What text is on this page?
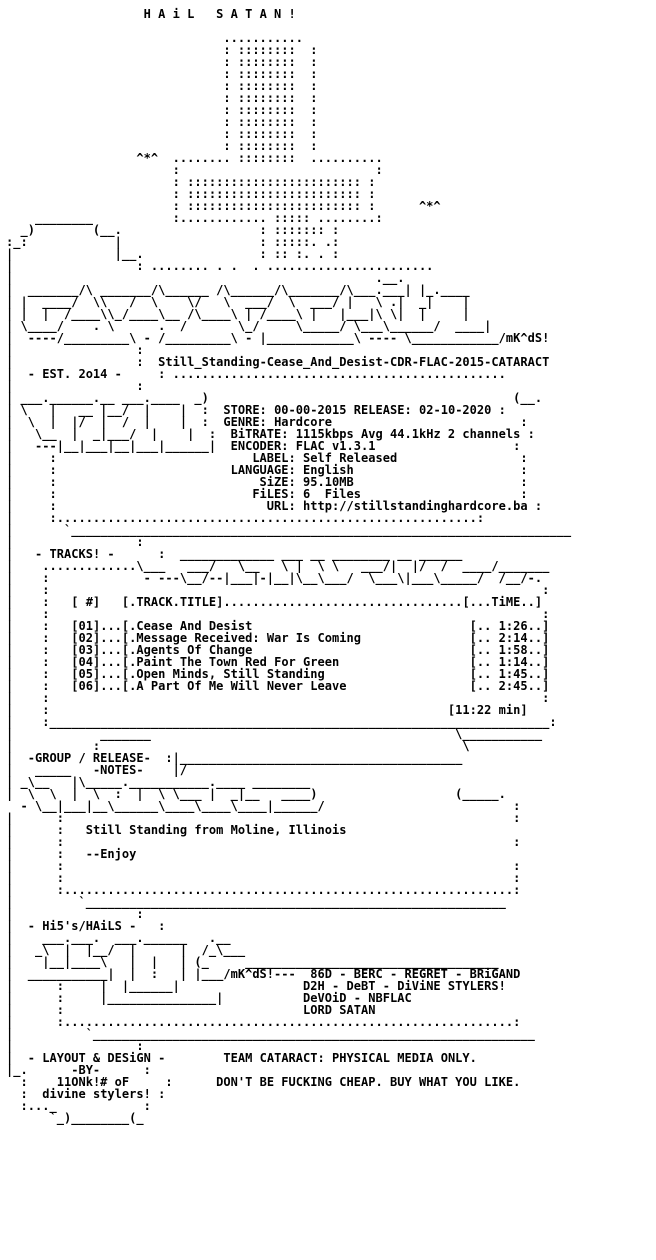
H A i L   S A T A N !

...........
: ::::::::  :
: ::::::::  :
: ::::::::  :
: ::::::::  :
: ::::::::  :
: ::::::::  :
: ::::::::  :
: ::::::::  :
: ::::::::  :
^*^  ........ ::::::::  ..........
:                           :
: :::::::::::::::::::::::: :
: :::::::::::::::::::::::: :
: :::::::::::::::::::::::: :      ^*^
________           :............ ::::: ........:
_)        (__.                   : ::::::: :
:_:            |                   : :::::. .:
|              |__.                : :: :. . :
|                 : ........ . .  . .......................
|                                                  .__.
|  _______/\ _______/\______ /\______/\_______/\___.___| |_.____
| |  ____/  \\   /  \    \/   \  ___/  \  ___/ |   \ .|  _|    |
| |  |  /____\\_/____\__ /\____\ | /____\ |   |___|\ \|  |     |
| \____/    . \      .  /       \_/     \_____/ \___\______/  ____|
|  ----/_________\ - /_________\ - |____________\ ---- \____________/mK^dS!
|                 :
|                 :  Still_Standing-Cease_And_Desist-CDR-FLAC-2015-CATARACT
|  - EST. 2o14 -	: ..............................................
|                 :
| ___.______.__ ___.____  _)                                          (__.
| \   |   __ |__/  |    |  :  STORE: 00-00-2015 RELEASE: 02-10-2020 :
|  \  |  |/  |  /  |    |  :  GENRE: Hardcore	:
|   \__  |  _|___/  |    |  :  BiTRATE: 1115kbps Avg 44.1kHz 2 channels :
|   ---|__|___|__|___|______|  ENCODER: FLAC v1.3.1	:
|     :                           LABEL: Self Released	:
|     :                        LANGUAGE: English	:
|     :                            SiZE: 95.10MB	:
|     :                           FiLES: 6  Files	:
|     :                             URL: http://stillstandinghardcore.ba :
|     :..........................................................:
|       `_____________________________________________________________________
|                 :
|   - TRACKS! -	:  _____________ ___ __ ________ __ ______
|    .............\___   ___/   \__   \ |  \ \   ___/|  |/  /  ____/_______
|    :             - ---\__/--|___|-|__|\__\___/  \___\|___\_____/  /__/-.
|    :                                                                    :
|    :   [ #] [.TRACK.TITLE].................................[...TiME..]
|    :                                                                    :
|    :   [01]...[.Cease And Desist                              [.. 1:26..]
|    :   [02]...[.Message Received: War Is Coming               [.. 2:14..]
|    :   [03]...[.Agents Of Change                              [.. 1:58..]
|    :   [04]...[.Paint The Town Red For Green                  [.. 1:14..]
|    :   [05]...[.Open Minds, Still Standing                    [.. 1:45..]
|    :   [06]...[.A Part Of Me Will Never Leave                 [.. 2:45..]
|    :                                                                    :
|    :	[11:22 min]
|    :_____________________________________________________________________:
|            _______                                          \___________
|           :                                                  \
|  -GROUP / RELEASE-  :|_______________________________________
|   _____   -NOTES-    |/
| _\__   |\_____.___________.____ ________
|  \  \  |  \  :  |  \ \___ |  _|__   ____)                   (_____.
- \__|___|__\______\____\____\____|______/                          :
|      :                                                              :
|      :   Still Standing from Moline, Illinois
|      :                                                              :
|      :   --Enjoy
|      :                                                              :
|      :                                                              :
|      :..............................................................:
|         `__________________________________________________________
|                 :
|  - Hi5's/HAiLS -   :
|    ___.___.  ___.______   .__
|   _\  |  |__/  |      |  /_\___
|    |__|____\   |  |   | (_     ___________________________________
|  ___________|  |  :   | |___/mK^dS!---  86D - BERC - REGRET - BRiGAND
|      :     |  |______|	D2H - DeBT - DiViNE STYLERS!
|      :     |_______________|	DeVOiD - NBFLAC
|      :	LORD SATAN
|      :..............................................................:
|          `_____________________________________________________________
|                 :
|  - LAYOUT & DESiGN -	TEAM CATARACT: PHYSICAL MEDIA ONLY.
|_.	-BY-	:
:    11ONk!# oF     :      DON'T BE FUCKING CHEAP. BUY WHAT YOU LIKE.
:  divine stylers! :
:..._            :
`_)________(_
